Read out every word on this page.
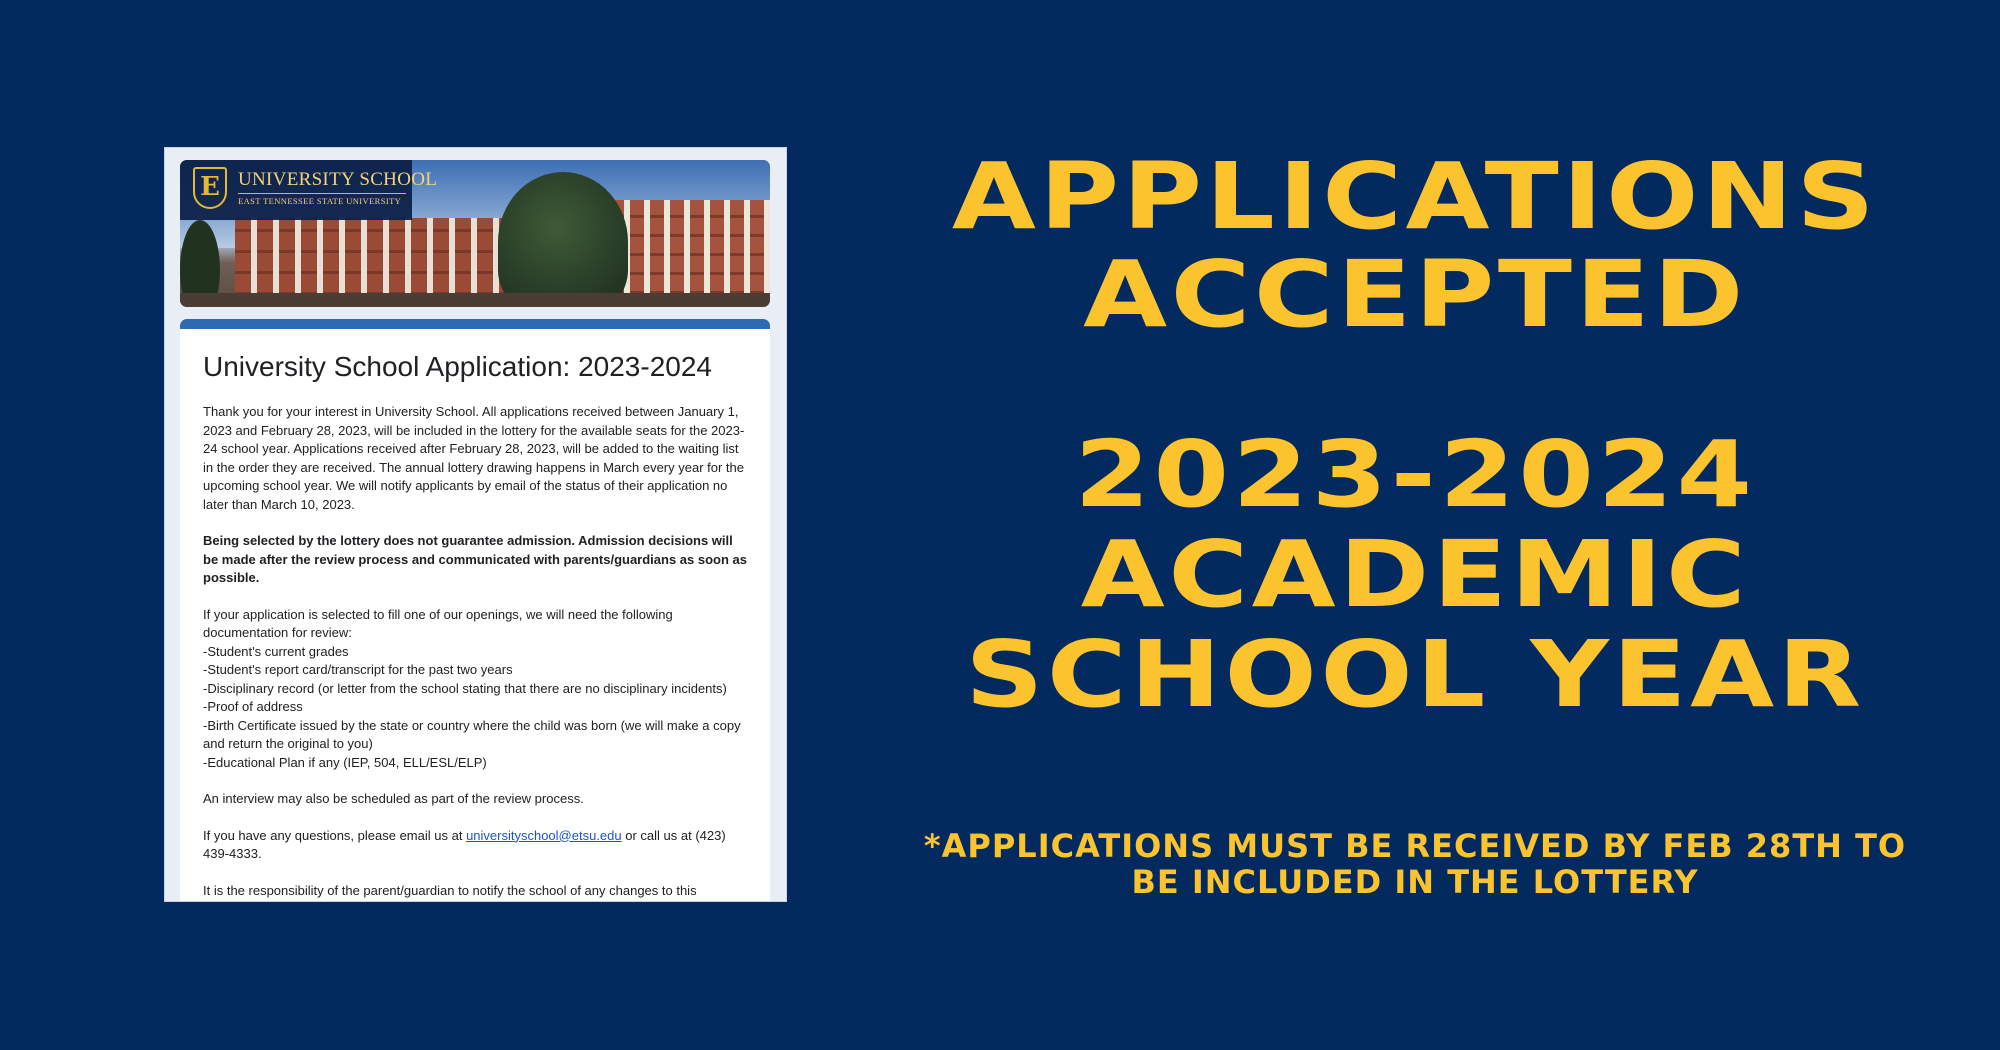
E UNIVERSITY SCHOOL
EAST TENNESSEE STATE UNIVERSITY
University School Application: 2023-2024

Thank you for your interest in University School. All applications received between January 1, 2023 and February 28, 2023, will be included in the lottery for the available seats for the 2023-24 school year. Applications received after February 28, 2023, will be added to the waiting list in the order they are received. The annual lottery drawing happens in March every year for the upcoming school year. We will notify applicants by email of the status of their application no later than March 10, 2023.

Being selected by the lottery does not guarantee admission. Admission decisions will be made after the review process and communicated with parents/guardians as soon as possible.

If your application is selected to fill one of our openings, we will need the following documentation for review:
-Student's current grades
-Student's report card/transcript for the past two years
-Disciplinary record (or letter from the school stating that there are no disciplinary incidents)
-Proof of address
-Birth Certificate issued by the state or country where the child was born (we will make a copy and return the original to you)
-Educational Plan if any (IEP, 504, ELL/ESL/ELP)

An interview may also be scheduled as part of the review process.

If you have any questions, please email us at universityschool@etsu.edu or call us at (423) 439-4333.

It is the responsibility of the parent/guardian to notify the school of any changes to this

APPLICATIONS
ACCEPTED
2023-2024
ACADEMIC
SCHOOL YEAR
*APPLICATIONS MUST BE RECEIVED BY FEB 28TH TO BE INCLUDED IN THE LOTTERY
